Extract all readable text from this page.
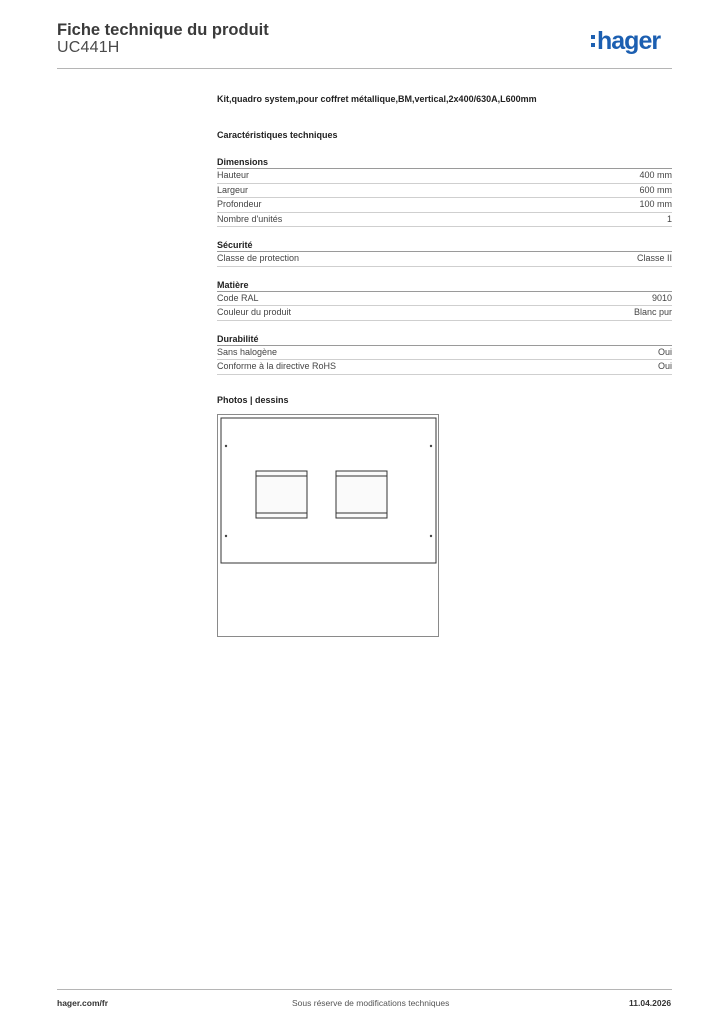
Fiche technique du produit
UC441H	hager
Kit,quadro system,pour coffret métallique,BM,vertical,2x400/630A,L600mm
Caractéristiques techniques
Dimensions
Hauteur	400 mm
Largeur	600 mm
Profondeur	100 mm
Nombre d'unités	1
Sécurité
Classe de protection	Classe II
Matière
Code RAL	9010
Couleur du produit	Blanc pur
Durabilité
Sans halogène	Oui
Conforme à la directive RoHS	Oui
Photos | dessins
hager.com/fr	Sous réserve de modifications techniques	11.04.2026
